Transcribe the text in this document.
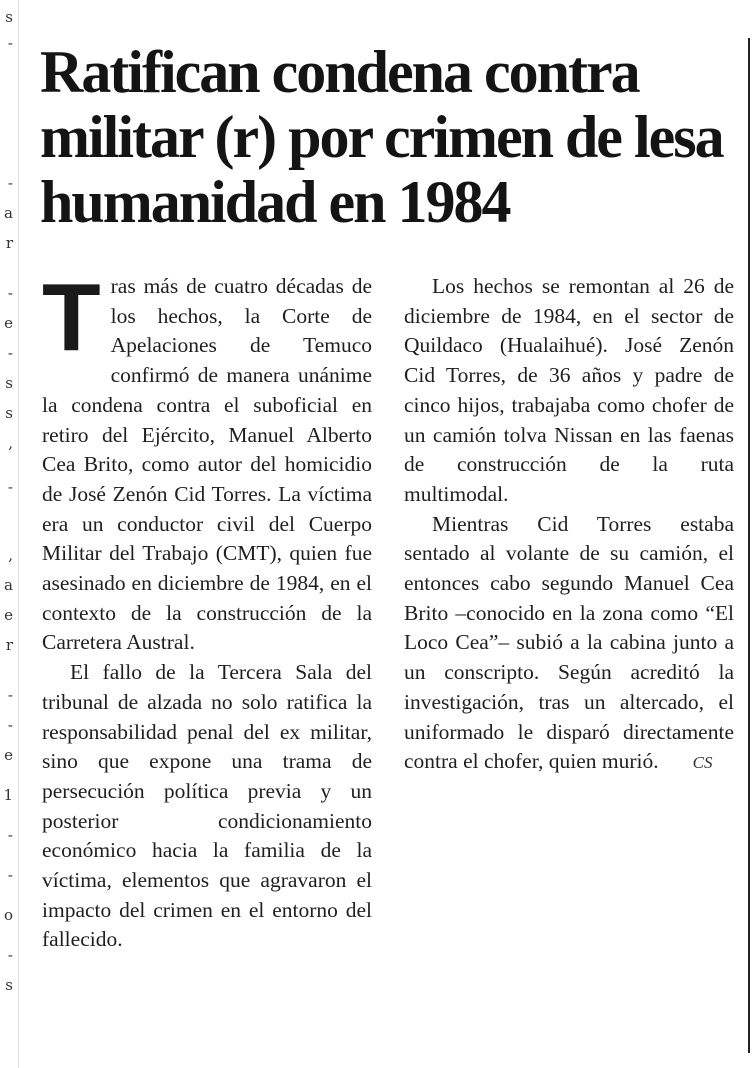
s
-
-
a
r
-
e
-
s
s
,
-
,
a
e
r
-
-
e
1
-
-
o
-
s
Ratifican condena contra militar (r) por crimen de lesa humanidad en 1984

Tras más de cuatro décadas de los hechos, la Corte de Apelaciones de Temuco confirmó de manera unánime la condena contra el suboficial en retiro del Ejército, Manuel Alberto Cea Brito, como autor del homicidio de José Zenón Cid Torres. La víctima era un conductor civil del Cuerpo Militar del Trabajo (CMT), quien fue asesinado en diciembre de 1984, en el contexto de la construcción de la Carretera Austral.

El fallo de la Tercera Sala del tribunal de alzada no solo ratifica la responsabilidad penal del ex militar, sino que expone una trama de persecución política previa y un posterior condicionamiento económico hacia la familia de la víctima, elementos que agravaron el impacto del crimen en el entorno del fallecido.

Los hechos se remontan al 26 de diciembre de 1984, en el sector de Quildaco (Hualaihué). José Zenón Cid Torres, de 36 años y padre de cinco hijos, trabajaba como chofer de un camión tolva Nissan en las faenas de construcción de la ruta multimodal.

Mientras Cid Torres estaba sentado al volante de su camión, el entonces cabo segundo Manuel Cea Brito –conocido en la zona como “El Loco Cea”– subió a la cabina junto a un conscripto. Según acreditó la investigación, tras un altercado, el uniformado le disparó directamente contra el chofer, quien murió. CS
